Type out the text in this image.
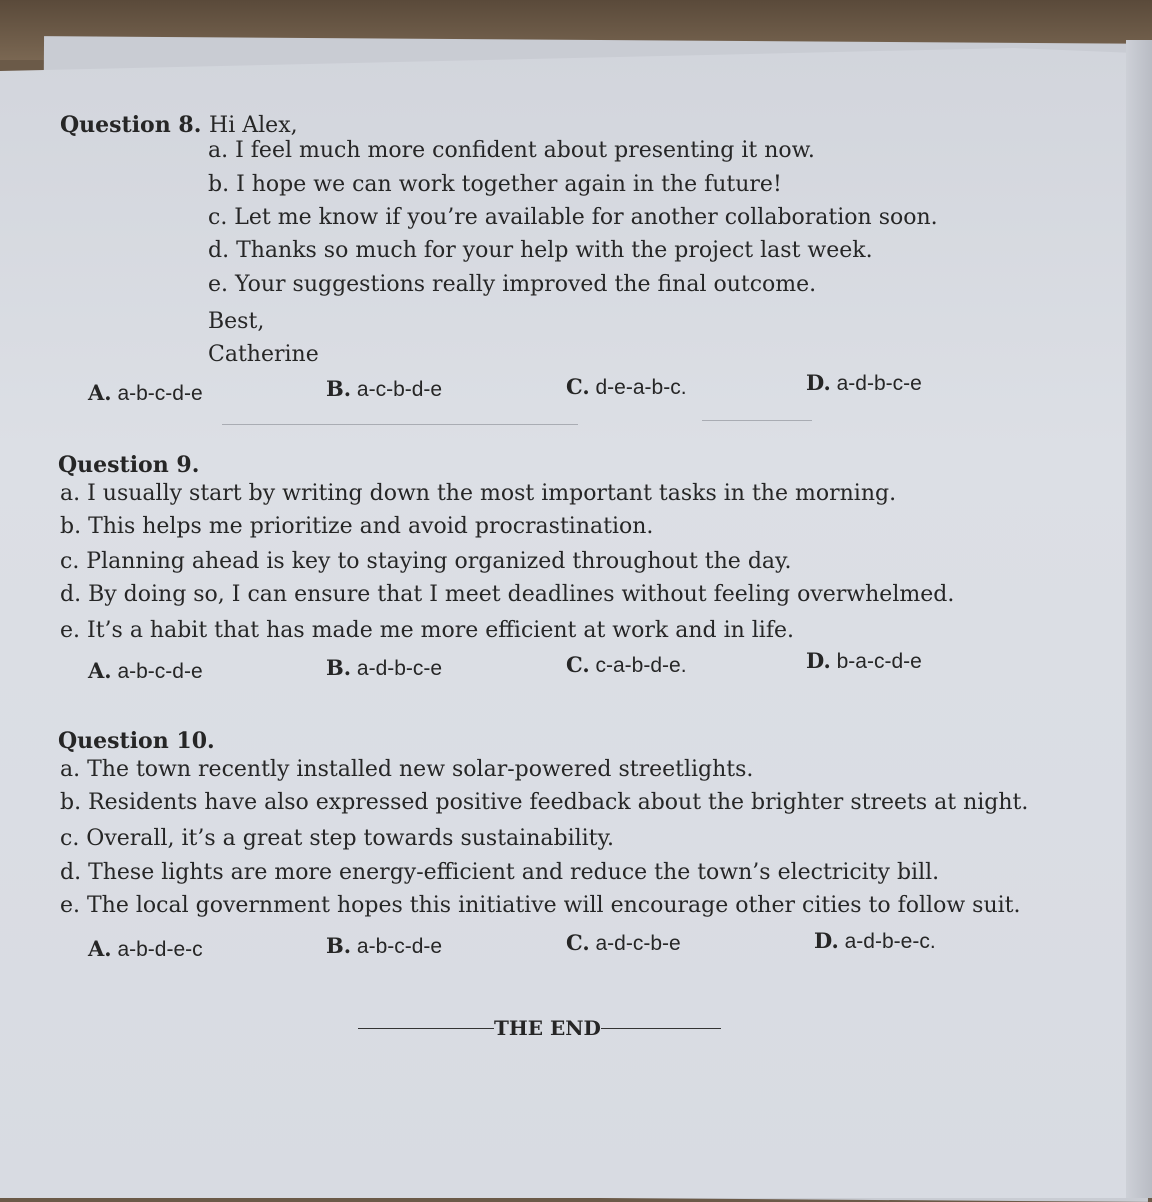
Question 8. Hi Alex,
a. I feel much more confident about presenting it now.
b. I hope we can work together again in the future!
c. Let me know if you’re available for another collaboration soon.
d. Thanks so much for your help with the project last week.
e. Your suggestions really improved the final outcome.
Best,
Catherine
A. a-b-c-d-e	B. a-c-b-d-e	C. d-e-a-b-c.	D. a-d-b-c-e
Question 9.
a. I usually start by writing down the most important tasks in the morning.
b. This helps me prioritize and avoid procrastination.
c. Planning ahead is key to staying organized throughout the day.
d. By doing so, I can ensure that I meet deadlines without feeling overwhelmed.
e. It’s a habit that has made me more efficient at work and in life.
A. a-b-c-d-e	B. a-d-b-c-e	C. c-a-b-d-e.	D. b-a-c-d-e
Question 10.
a. The town recently installed new solar-powered streetlights.
b. Residents have also expressed positive feedback about the brighter streets at night.
c. Overall, it’s a great step towards sustainability.
d. These lights are more energy-efficient and reduce the town’s electricity bill.
e. The local government hopes this initiative will encourage other cities to follow suit.
A. a-b-d-e-c	B. a-b-c-d-e	C. a-d-c-b-e	D. a-d-b-e-c.
THE END
